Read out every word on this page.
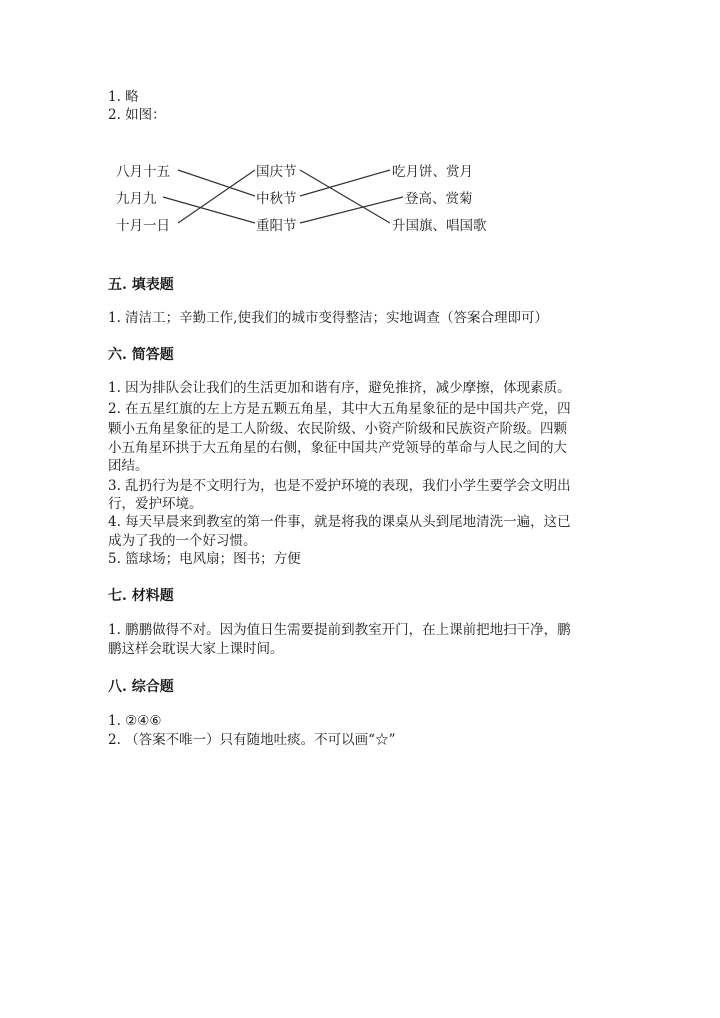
1. 略

2. 如图：

八月十五
九月九
十月一日
国庆节
中秋节
重阳节
吃月饼、赏月
登高、赏菊
升国旗、唱国歌

五. 填表题

1. 清洁工；辛勤工作,使我们的城市变得整洁；实地调查（答案合理即可）

六. 简答题

1. 因为排队会让我们的生活更加和谐有序，避免推挤，减少摩擦，体现素质。

2. 在五星红旗的左上方是五颗五角星，其中大五角星象征的是中国共产党，四

颗小五角星象征的是工人阶级、农民阶级、小资产阶级和民族资产阶级。四颗

小五角星环拱于大五角星的右侧，象征中国共产党领导的革命与人民之间的大

团结。

3. 乱扔行为是不文明行为，也是不爱护环境的表现，我们小学生要学会文明出

行，爱护环境。

4. 每天早晨来到教室的第一件事，就是将我的课桌从头到尾地清洗一遍，这已

成为了我的一个好习惯。

5. 篮球场；电风扇；图书；方便

七. 材料题

1. 鹏鹏做得不对。因为值日生需要提前到教室开门，在上课前把地扫干净，鹏

鹏这样会耽误大家上课时间。

八. 综合题

1. ②④⑥

2. （答案不唯一）只有随地吐痰。不可以画“☆”
